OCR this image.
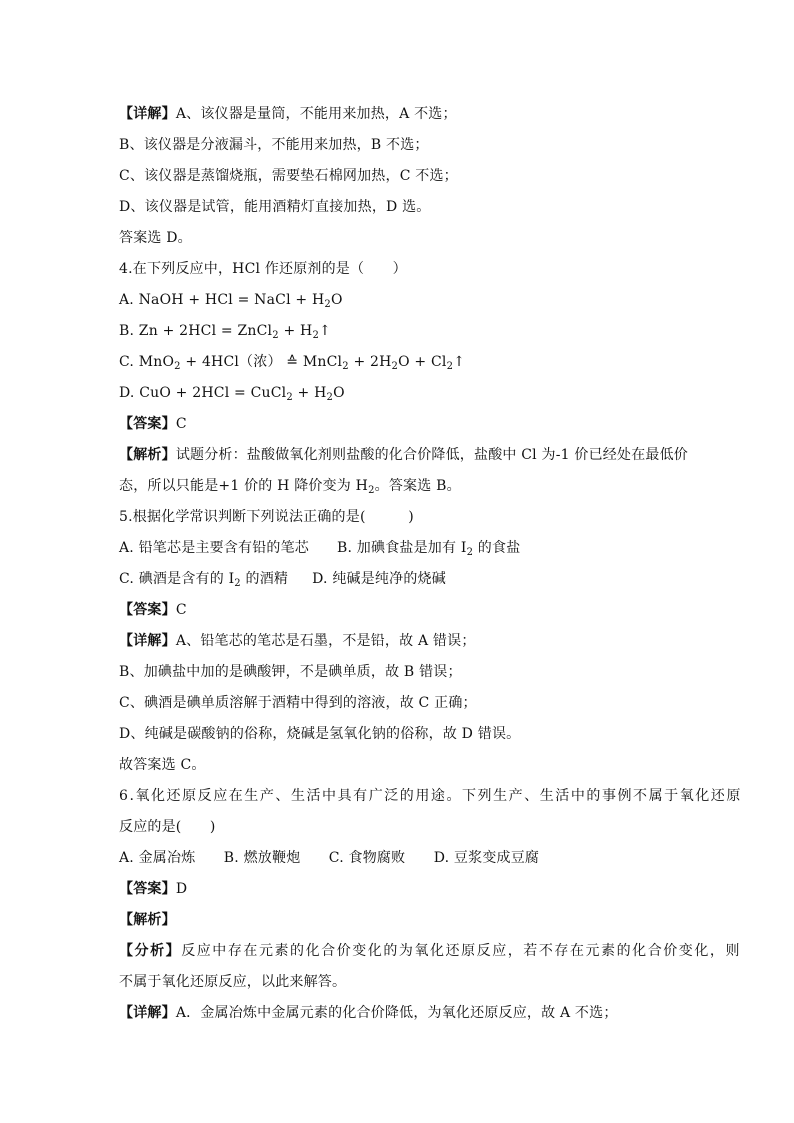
【详解】A、该仪器是量筒，不能用来加热，A 不选；
B、该仪器是分液漏斗，不能用来加热，B 不选；
C、该仪器是蒸馏烧瓶，需要垫石棉网加热，C 不选；
D、该仪器是试管，能用酒精灯直接加热，D 选。
答案选 D。
4.在下列反应中，HCl 作还原剂的是（　　）
A. NaOH + HCl = NaCl + $H_2O$
B. Zn + 2HCl = ZnCl$_2$ + $H_2↑$
C. MnO$_2$ + 4HCl（浓） ≙ MnCl$_2$ + $2H_2O$ + $Cl_2↑$
D. CuO + 2HCl = CuCl$_2$ + $H_2O$
【答案】C
【解析】试题分析：盐酸做氧化剂则盐酸的化合价降低，盐酸中 Cl 为-1 价已经处在最低价
态，所以只能是+1 价的 H 降价变为 $H_2$。答案选 B。
5.根据化学常识判断下列说法正确的是(　　　)
A. 铅笔芯是主要含有铅的笔芯 B. 加碘食盐是加有 $I_2$ 的食盐
C. 碘酒是含有的 $I_2$ 的酒精 D. 纯碱是纯净的烧碱
【答案】C
【详解】A、铅笔芯的笔芯是石墨，不是铅，故 A 错误；
B、加碘盐中加的是碘酸钾，不是碘单质，故 B 错误；
C、碘酒是碘单质溶解于酒精中得到的溶液，故 C 正确；
D、纯碱是碳酸钠的俗称，烧碱是氢氧化钠的俗称，故 D 错误。
故答案选 C。
6.氧化还原反应在生产、生活中具有广泛的用途。下列生产、生活中的事例不属于氧化还原
反应的是(　　)
A. 金属冶炼　　B. 燃放鞭炮　　C. 食物腐败　　D. 豆浆变成豆腐
【答案】D
【解析】
【分析】反应中存在元素的化合价变化的为氧化还原反应，若不存在元素的化合价变化，则
不属于氧化还原反应，以此来解答。
【详解】A．金属冶炼中金属元素的化合价降低，为氧化还原反应，故 A 不选；
